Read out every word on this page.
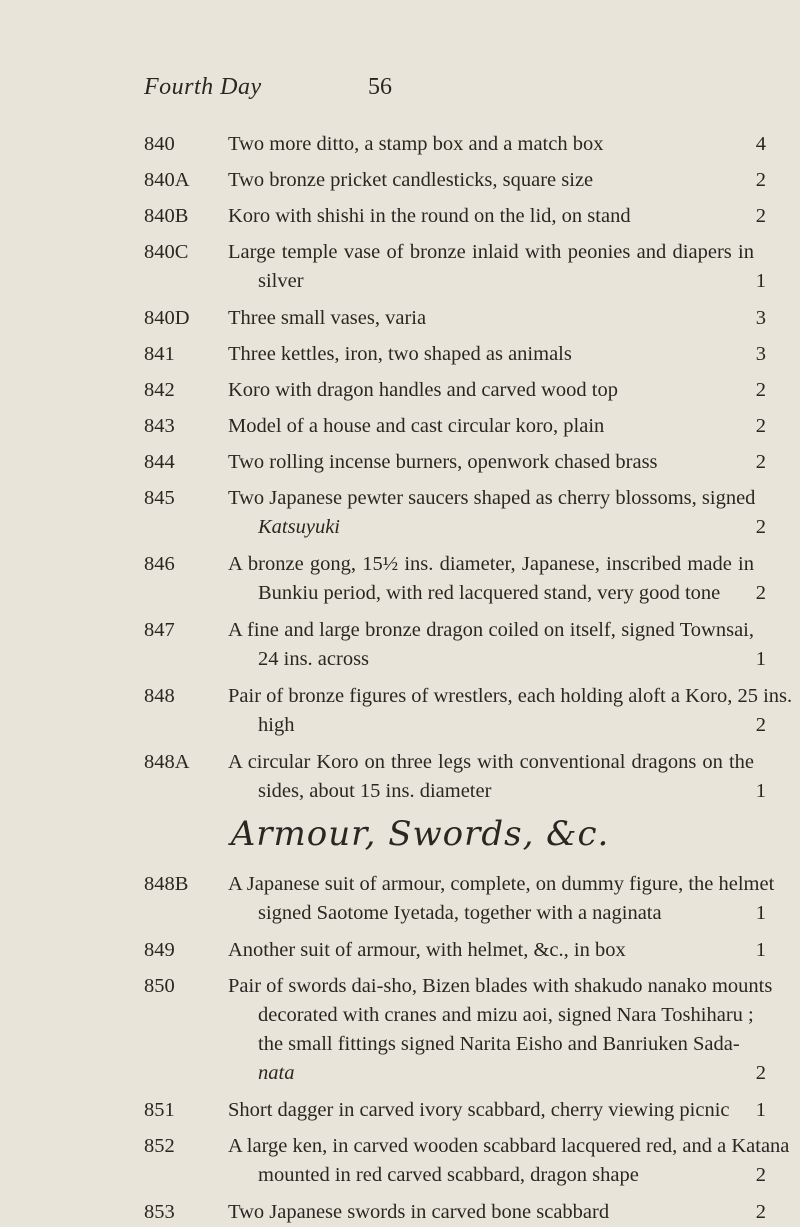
Fourth Day	56
840	Two more ditto, a stamp box and a match box	4
840A	Two bronze pricket candlesticks, square size	2
840B	Koro with shishi in the round on the lid, on stand	2
840C	Large temple vase of bronze inlaid with peonies and diapers in
silver	1
840D	Three small vases, varia	3
841	Three kettles, iron, two shaped as animals	3
842	Koro with dragon handles and carved wood top	2
843	Model of a house and cast circular koro, plain	2
844	Two rolling incense burners, openwork chased brass	2
845	Two Japanese pewter saucers shaped as cherry blossoms, signed
Katsuyuki	2
846	A bronze gong, 15½ ins. diameter, Japanese, inscribed made in
Bunkiu period, with red lacquered stand, very good tone	2
847	A fine and large bronze dragon coiled on itself, signed Townsai,
24 ins. across	1
848	Pair of bronze figures of wrestlers, each holding aloft a Koro, 25 ins.
high	2
848A	A circular Koro on three legs with conventional dragons on the
sides, about 15 ins. diameter	1
Armour, Swords, &c.
848B	A Japanese suit of armour, complete, on dummy figure, the helmet
signed Saotome Iyetada, together with a naginata	1
849	Another suit of armour, with helmet, &c., in box	1
850	Pair of swords dai-sho, Bizen blades with shakudo nanako mounts
decorated with cranes and mizu aoi, signed Nara Toshiharu ;
the small fittings signed Narita Eisho and Banriuken Sada-
nata	2
851	Short dagger in carved ivory scabbard, cherry viewing picnic	1
852	A large ken, in carved wooden scabbard lacquered red, and a Katana
mounted in red carved scabbard, dragon shape	2
853	Two Japanese swords in carved bone scabbard	2
